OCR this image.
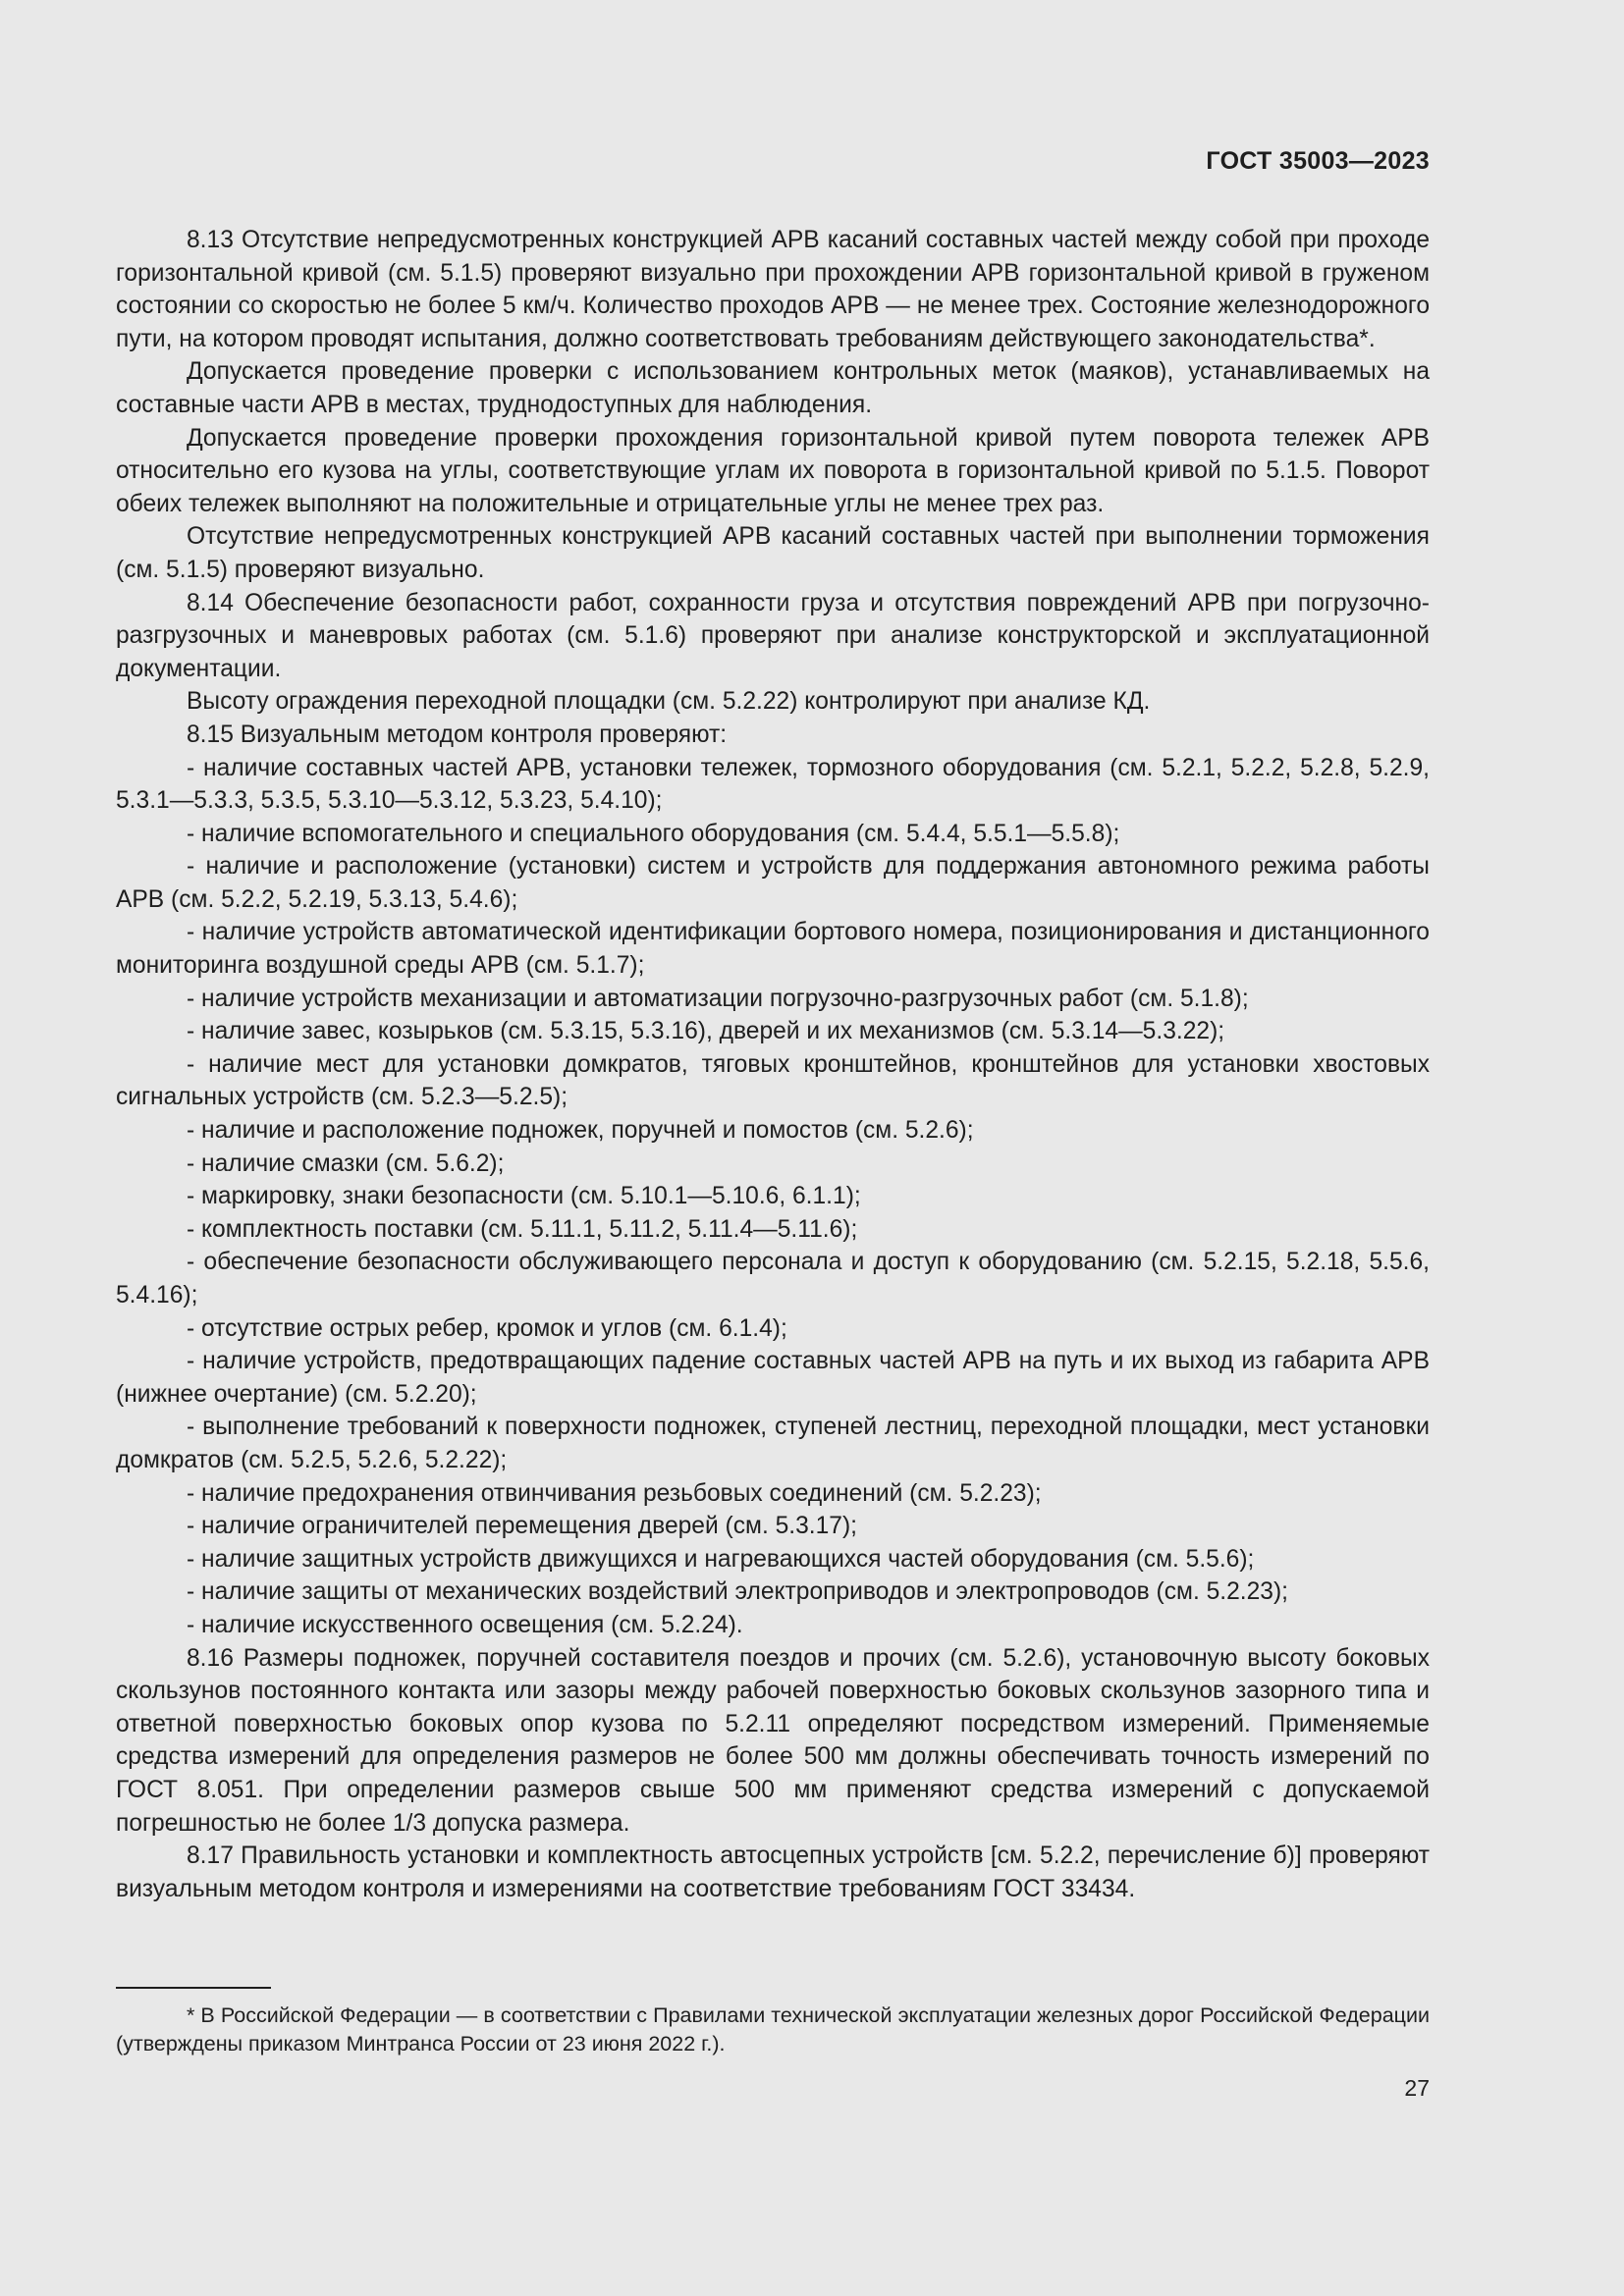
ГОСТ 35003—2023

8.13 Отсутствие непредусмотренных конструкцией АРВ касаний составных частей между собой при проходе горизонтальной кривой (см. 5.1.5) проверяют визуально при прохождении АРВ горизонтальной кривой в груженом состоянии со скоростью не более 5 км/ч. Количество проходов АРВ — не менее трех. Состояние железнодорожного пути, на котором проводят испытания, должно соответствовать требованиям действующего законодательства*.

Допускается проведение проверки с использованием контрольных меток (маяков), устанавливаемых на составные части АРВ в местах, труднодоступных для наблюдения.

Допускается проведение проверки прохождения горизонтальной кривой путем поворота тележек АРВ относительно его кузова на углы, соответствующие углам их поворота в горизонтальной кривой по 5.1.5. Поворот обеих тележек выполняют на положительные и отрицательные углы не менее трех раз.

Отсутствие непредусмотренных конструкцией АРВ касаний составных частей при выполнении торможения (см. 5.1.5) проверяют визуально.

8.14 Обеспечение безопасности работ, сохранности груза и отсутствия повреждений АРВ при погрузочно-разгрузочных и маневровых работах (см. 5.1.6) проверяют при анализе конструкторской и эксплуатационной документации.

Высоту ограждения переходной площадки (см. 5.2.22) контролируют при анализе КД.

8.15 Визуальным методом контроля проверяют:

- наличие составных частей АРВ, установки тележек, тормозного оборудования (см. 5.2.1, 5.2.2, 5.2.8, 5.2.9, 5.3.1—5.3.3, 5.3.5, 5.3.10—5.3.12, 5.3.23, 5.4.10);

- наличие вспомогательного и специального оборудования (см. 5.4.4, 5.5.1—5.5.8);

- наличие и расположение (установки) систем и устройств для поддержания автономного режима работы АРВ (см. 5.2.2, 5.2.19, 5.3.13, 5.4.6);

- наличие устройств автоматической идентификации бортового номера, позиционирования и дистанционного мониторинга воздушной среды АРВ (см. 5.1.7);

- наличие устройств механизации и автоматизации погрузочно-разгрузочных работ (см. 5.1.8);

- наличие завес, козырьков (см. 5.3.15, 5.3.16), дверей и их механизмов (см. 5.3.14—5.3.22);

- наличие мест для установки домкратов, тяговых кронштейнов, кронштейнов для установки хвостовых сигнальных устройств (см. 5.2.3—5.2.5);

- наличие и расположение подножек, поручней и помостов (см. 5.2.6);

- наличие смазки (см. 5.6.2);

- маркировку, знаки безопасности (см. 5.10.1—5.10.6, 6.1.1);

- комплектность поставки (см. 5.11.1, 5.11.2, 5.11.4—5.11.6);

- обеспечение безопасности обслуживающего персонала и доступ к оборудованию (см. 5.2.15, 5.2.18, 5.5.6, 5.4.16);

- отсутствие острых ребер, кромок и углов (см. 6.1.4);

- наличие устройств, предотвращающих падение составных частей АРВ на путь и их выход из габарита АРВ (нижнее очертание) (см. 5.2.20);

- выполнение требований к поверхности подножек, ступеней лестниц, переходной площадки, мест установки домкратов (см. 5.2.5, 5.2.6, 5.2.22);

- наличие предохранения отвинчивания резьбовых соединений (см. 5.2.23);

- наличие ограничителей перемещения дверей (см. 5.3.17);

- наличие защитных устройств движущихся и нагревающихся частей оборудования (см. 5.5.6);

- наличие защиты от механических воздействий электроприводов и электропроводов (см. 5.2.23);

- наличие искусственного освещения (см. 5.2.24).

8.16 Размеры подножек, поручней составителя поездов и прочих (см. 5.2.6), установочную высоту боковых скользунов постоянного контакта или зазоры между рабочей поверхностью боковых скользунов зазорного типа и ответной поверхностью боковых опор кузова по 5.2.11 определяют посредством измерений. Применяемые средства измерений для определения размеров не более 500 мм должны обеспечивать точность измерений по ГОСТ 8.051. При определении размеров свыше 500 мм применяют средства измерений с допускаемой погрешностью не более 1/3 допуска размера.

8.17 Правильность установки и комплектность автосцепных устройств [см. 5.2.2, перечисление б)] проверяют визуальным методом контроля и измерениями на соответствие требованиям ГОСТ 33434.

* В Российской Федерации — в соответствии с Правилами технической эксплуатации железных дорог Российской Федерации (утверждены приказом Минтранса России от 23 июня 2022 г.).

27
